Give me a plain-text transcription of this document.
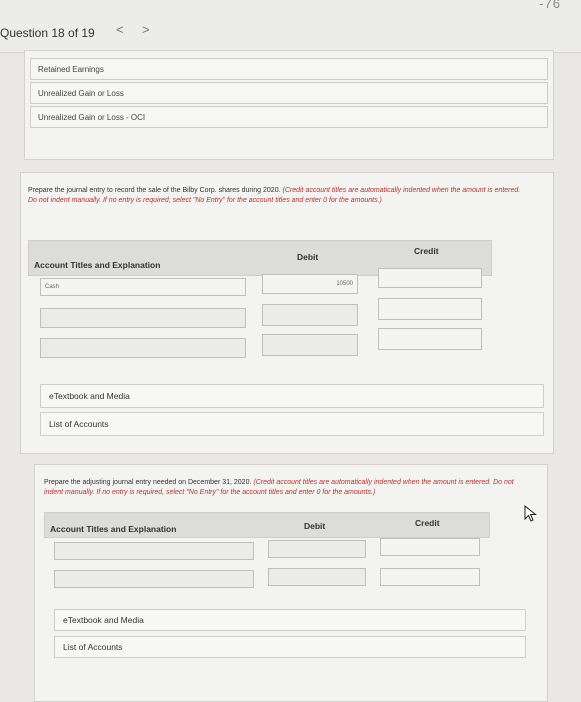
Question 18 of 19 < >
-76
Retained Earnings
Unrealized Gain or Loss
Unrealized Gain or Loss - OCI
Prepare the journal entry to record the sale of the Bilby Corp. shares during 2020. (Credit account titles are automatically indented when the amount is entered. Do not indent manually. If no entry is required, select "No Entry" for the account titles and enter 0 for the amounts.)
Account Titles and Explanation
Debit
Credit
Cash	10500
eTextbook and Media
List of Accounts
Prepare the adjusting journal entry needed on December 31, 2020. (Credit account titles are automatically indented when the amount is entered. Do not indent manually. If no entry is required, select "No Entry" for the account titles and enter 0 for the amounts.)
Account Titles and Explanation	Debit	Credit
eTextbook and Media
List of Accounts
